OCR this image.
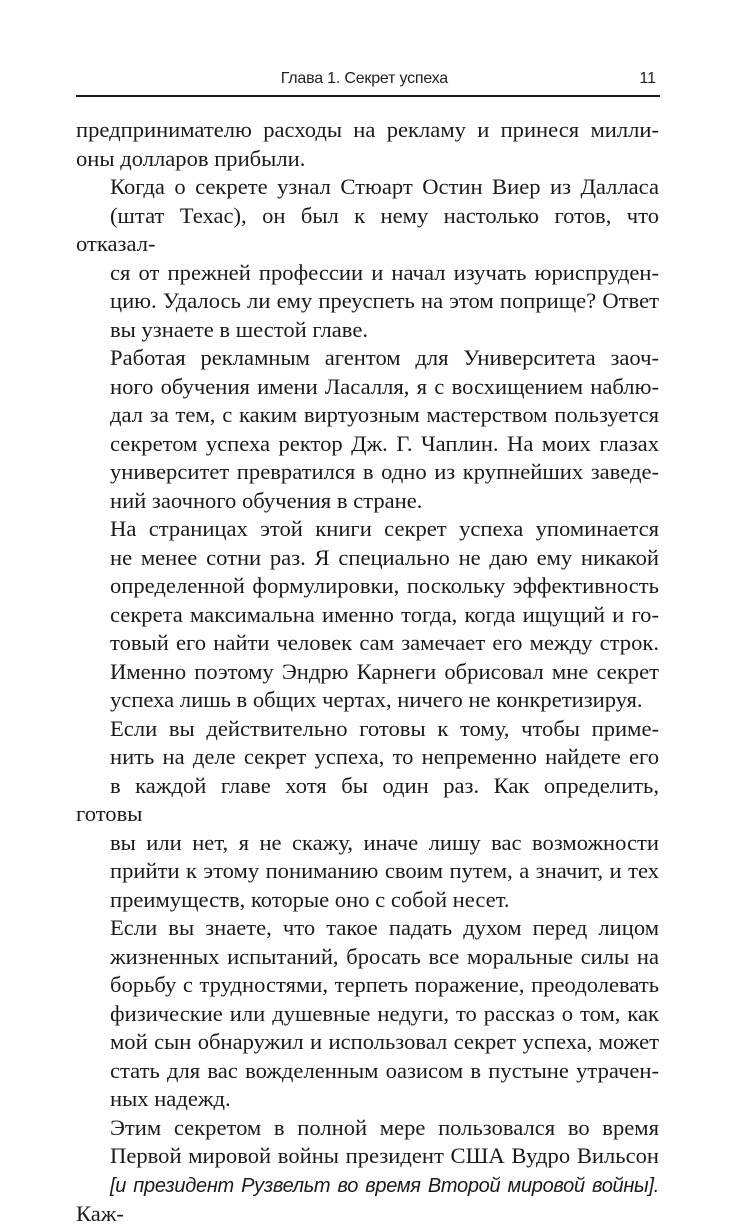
Глава 1. Секрет успеха	11

предпринимателю расходы на рекламу и принеся милли-
оны долларов прибыли.

Когда о секрете узнал Стюарт Остин Виер из Далласа
(штат Техас), он был к нему настолько готов, что отказал-
ся от прежней профессии и начал изучать юриспруден-
цию. Удалось ли ему преуспеть на этом поприще? Ответ
вы узнаете в шестой главе.

Работая рекламным агентом для Университета заоч-
ного обучения имени Ласалля, я с восхищением наблю-
дал за тем, с каким виртуозным мастерством пользуется
секретом успеха ректор Дж. Г. Чаплин. На моих глазах
университет превратился в одно из крупнейших заведе-
ний заочного обучения в стране.

На страницах этой книги секрет успеха упоминается
не менее сотни раз. Я специально не даю ему никакой
определенной формулировки, поскольку эффективность
секрета максимальна именно тогда, когда ищущий и го-
товый его найти человек сам замечает его между строк.
Именно поэтому Эндрю Карнеги обрисовал мне секрет
успеха лишь в общих чертах, ничего не конкретизируя.

Если вы действительно готовы к тому, чтобы приме-
нить на деле секрет успеха, то непременно найдете его
в каждой главе хотя бы один раз. Как определить, готовы
вы или нет, я не скажу, иначе лишу вас возможности
прийти к этому пониманию своим путем, а значит, и тех
преимуществ, которые оно с собой несет.

Если вы знаете, что такое падать духом перед лицом
жизненных испытаний, бросать все моральные силы на
борьбу с трудностями, терпеть поражение, преодолевать
физические или душевные недуги, то рассказ о том, как
мой сын обнаружил и использовал секрет успеха, может
стать для вас вожделенным оазисом в пустыне утрачен-
ных надежд.

Этим секретом в полной мере пользовался во время
Первой мировой войны президент США Вудро Вильсон
[и президент Рузвельт во время Второй мировой войны]. Каж-
